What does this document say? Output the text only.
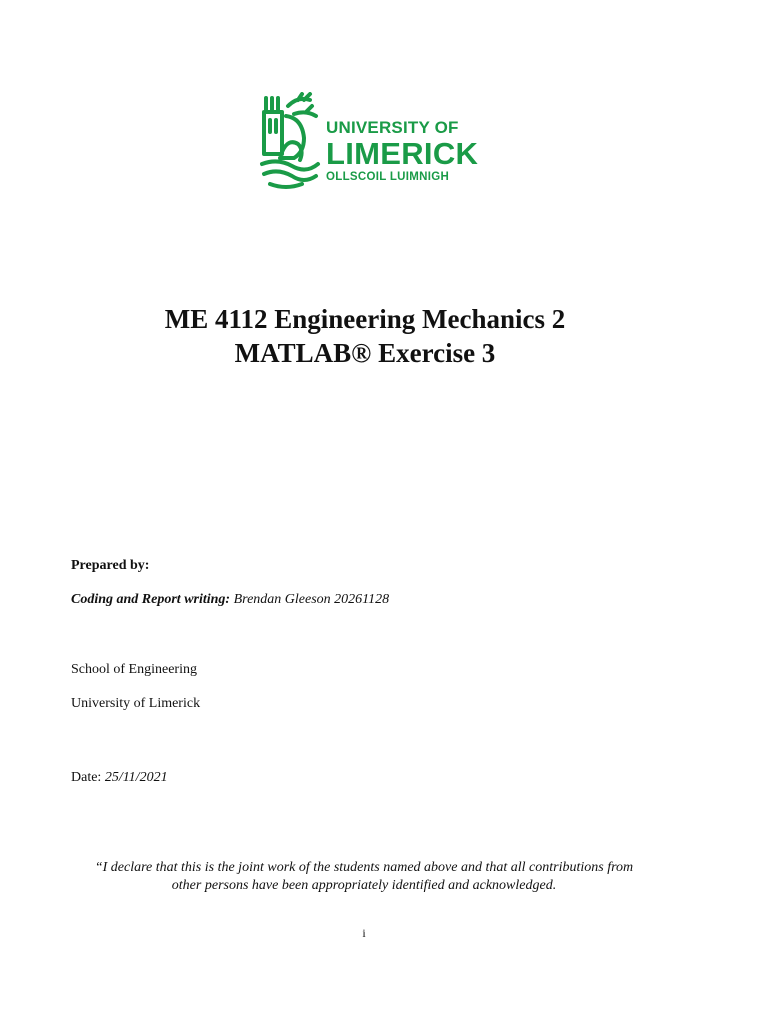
UNIVERSITY OF
LIMERICK
OLLSCOIL LUIMNIGH
ME 4112 Engineering Mechanics 2
MATLAB® Exercise 3
Prepared by:
Coding and Report writing: Brendan Gleeson 20261128
School of Engineering
University of Limerick
Date: 25/11/2021
“I declare that this is the joint work of the students named above and that all contributions from
other persons have been appropriately identified and acknowledged.
i
